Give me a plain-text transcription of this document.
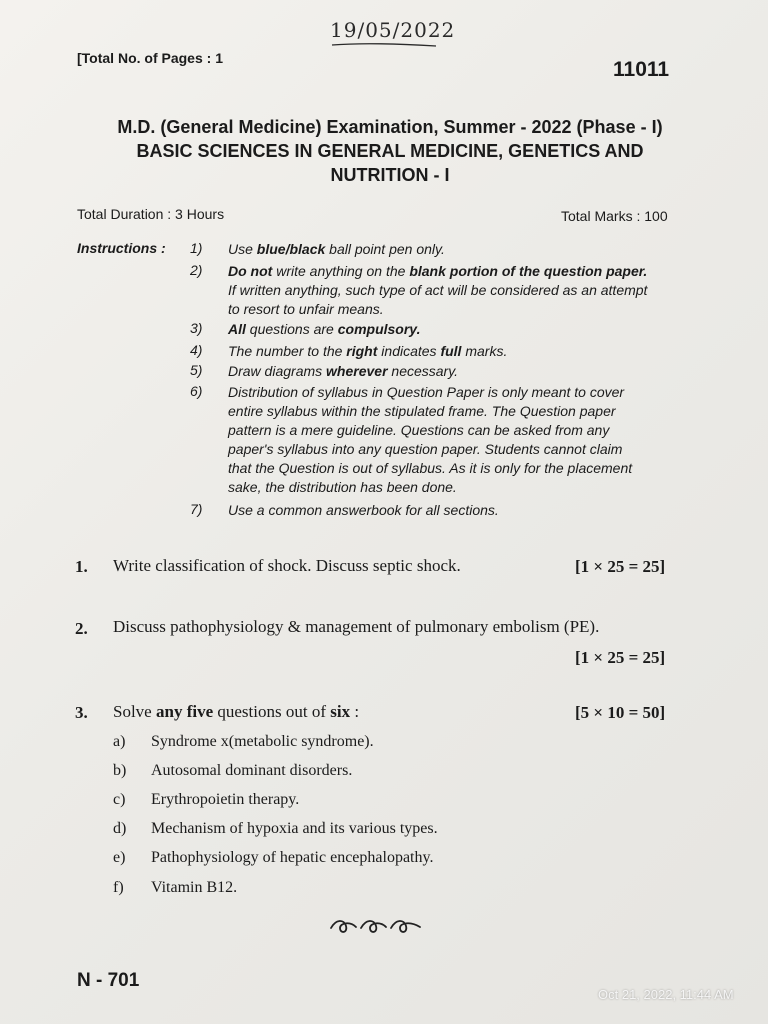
19/05/2022
[Total No. of Pages : 1	11011
M.D. (General Medicine) Examination, Summer - 2022 (Phase - I)
BASIC SCIENCES IN GENERAL MEDICINE, GENETICS AND
NUTRITION - I
Total Duration : 3 Hours	Total Marks : 100
Instructions : 1)	Use blue/black ball point pen only.
2)	Do not write anything on the blank portion of the question paper.
If written anything, such type of act will be considered as an attempt
to resort to unfair means.
3)	All questions are compulsory.
4)	The number to the right indicates full marks.
5)	Draw diagrams wherever necessary.
6)	Distribution of syllabus in Question Paper is only meant to cover
entire syllabus within the stipulated frame. The Question paper
pattern is a mere guideline. Questions can be asked from any
paper's syllabus into any question paper. Students cannot claim
that the Question is out of syllabus. As it is only for the placement
sake, the distribution has been done.
7)	Use a common answerbook for all sections.
1. Write classification of shock. Discuss septic shock.	[1 × 25 = 25]
2. Discuss pathophysiology & management of pulmonary embolism (PE).
[1 × 25 = 25]
3. Solve any five questions out of six :	[5 × 10 = 50]
a) Syndrome x(metabolic syndrome).
b) Autosomal dominant disorders.
c) Erythropoietin therapy.
d) Mechanism of hypoxia and its various types.
e) Pathophysiology of hepatic encephalopathy.
f) Vitamin B12.
N - 701
Oct 21, 2022, 11:44 AM
